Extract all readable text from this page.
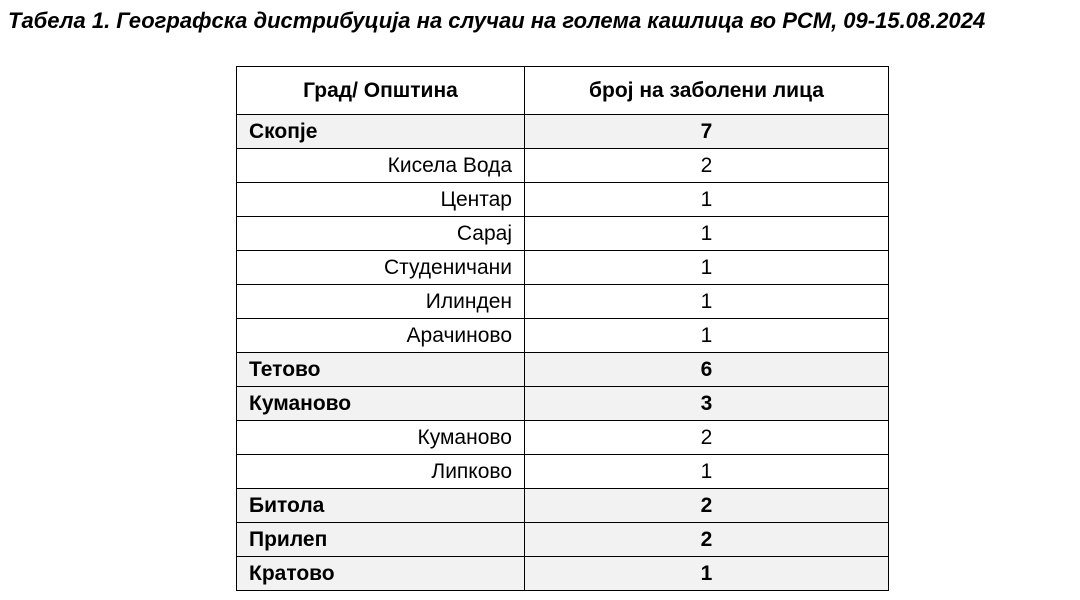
Табела 1. Географска дистрибуција на случаи на голема кашлица во РСМ, 09-15.08.2024

Град/ Општина	број на заболени лица
Скопје	7
Кисела Вода	2
Центар	1
Сарај	1
Студеничани	1
Илинден	1
Арачиново	1
Тетово	6
Куманово	3
Куманово	2
Липково	1
Битола	2
Прилеп	2
Кратово	1
